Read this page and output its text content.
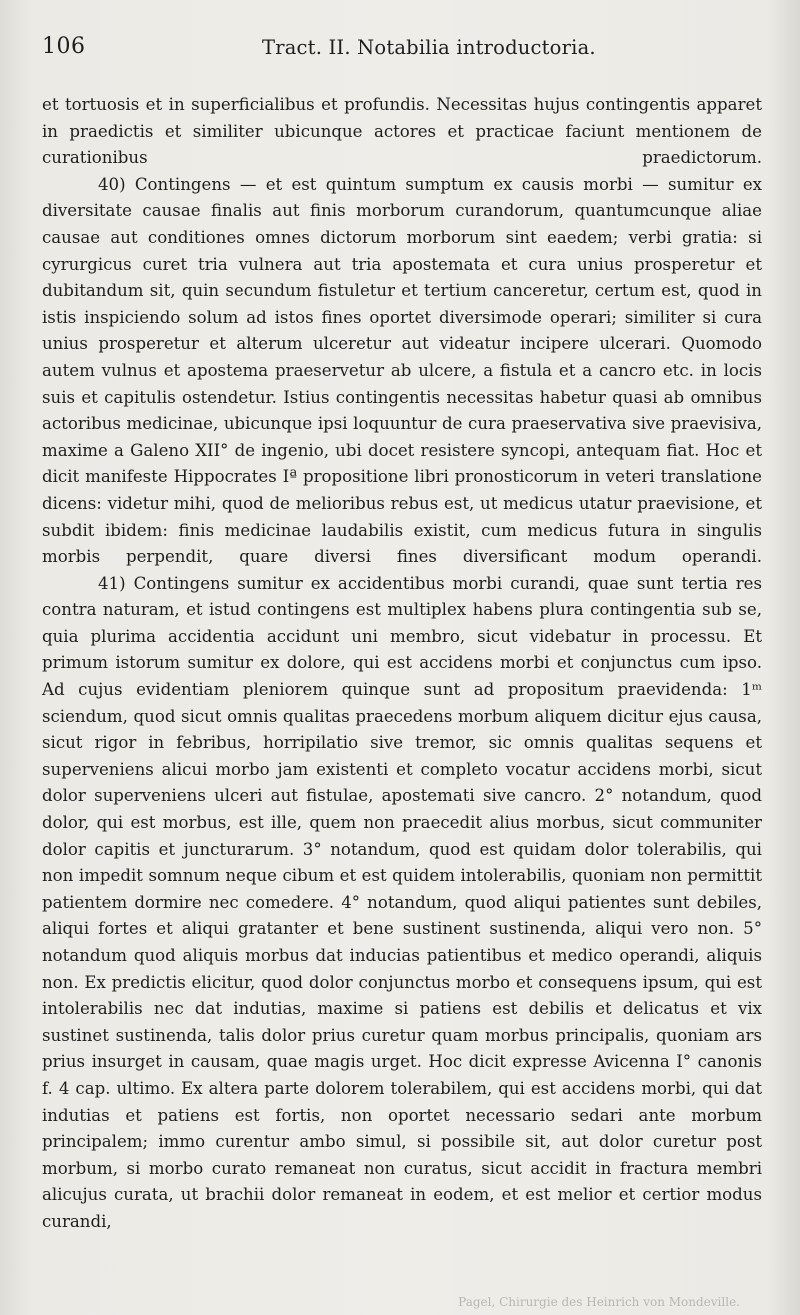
106	Tract. II. Notabilia introductoria.

et tortuosis et in superficialibus et profundis. Necessitas hujus contingentis apparet in praedictis et similiter ubicunque actores et practicae faciunt mentionem de curationibus praedictorum.

40) Contingens — et est quintum sumptum ex causis morbi — sumitur ex diversitate causae finalis aut finis morborum curandorum, quantumcunque aliae causae aut conditiones omnes dictorum morborum sint eaedem; verbi gratia: si cyrurgicus curet tria vulnera aut tria apostemata et cura unius prosperetur et dubitandum sit, quin secundum fistuletur et tertium canceretur, certum est, quod in istis inspiciendo solum ad istos fines oportet diversimode operari; similiter si cura unius prosperetur et alterum ulceretur aut videatur incipere ulcerari. Quomodo autem vulnus et apostema praeservetur ab ulcere, a fistula et a cancro etc. in locis suis et capitulis ostendetur. Istius contingentis necessitas habetur quasi ab omnibus actoribus medicinae, ubicunque ipsi loquuntur de cura praeservativa sive praevisiva, maxime a Galeno XII° de ingenio, ubi docet resistere syncopi, antequam fiat. Hoc et dicit manifeste Hippocrates Iª propositione libri pronosticorum in veteri translatione dicens: videtur mihi, quod de melioribus rebus est, ut medicus utatur praevisione, et subdit ibidem: finis medicinae laudabilis existit, cum medicus futura in singulis morbis perpendit, quare diversi fines diversificant modum operandi.

41) Contingens sumitur ex accidentibus morbi curandi, quae sunt tertia res contra naturam, et istud contingens est multiplex habens plura contingentia sub se, quia plurima accidentia accidunt uni membro, sicut videbatur in processu. Et primum istorum sumitur ex dolore, qui est accidens morbi et conjunctus cum ipso. Ad cujus evidentiam pleniorem quinque sunt ad propositum praevidenda: 1ᵐ sciendum, quod sicut omnis qualitas praecedens morbum aliquem dicitur ejus causa, sicut rigor in febribus, horripilatio sive tremor, sic omnis qualitas sequens et superveniens alicui morbo jam existenti et completo vocatur accidens morbi, sicut dolor superveniens ulceri aut fistulae, apostemati sive cancro. 2° notandum, quod dolor, qui est morbus, est ille, quem non praecedit alius morbus, sicut communiter dolor capitis et juncturarum. 3° notandum, quod est quidam dolor tolerabilis, qui non impedit somnum neque cibum et est quidem intolerabilis, quoniam non permittit patientem dormire nec comedere. 4° notandum, quod aliqui patientes sunt debiles, aliqui fortes et aliqui gratanter et bene sustinent sustinenda, aliqui vero non. 5° notandum quod aliquis morbus dat inducias patientibus et medico operandi, aliquis non. Ex predictis elicitur, quod dolor conjunctus morbo et consequens ipsum, qui est intolerabilis nec dat indutias, maxime si patiens est debilis et delicatus et vix sustinet sustinenda, talis dolor prius curetur quam morbus principalis, quoniam ars prius insurget in causam, quae magis urget. Hoc dicit expresse Avicenna I° canonis f. 4 cap. ultimo. Ex altera parte dolorem tolerabilem, qui est accidens morbi, qui dat indutias et patiens est fortis, non oportet necessario sedari ante morbum principalem; immo curentur ambo simul, si possibile sit, aut dolor curetur post morbum, si morbo curato remaneat non curatus, sicut accidit in fractura membri alicujus curata, ut brachii dolor remaneat in eodem, et est melior et certior modus curandi,

Pagel, Chirurgie des Heinrich von Mondeville.
